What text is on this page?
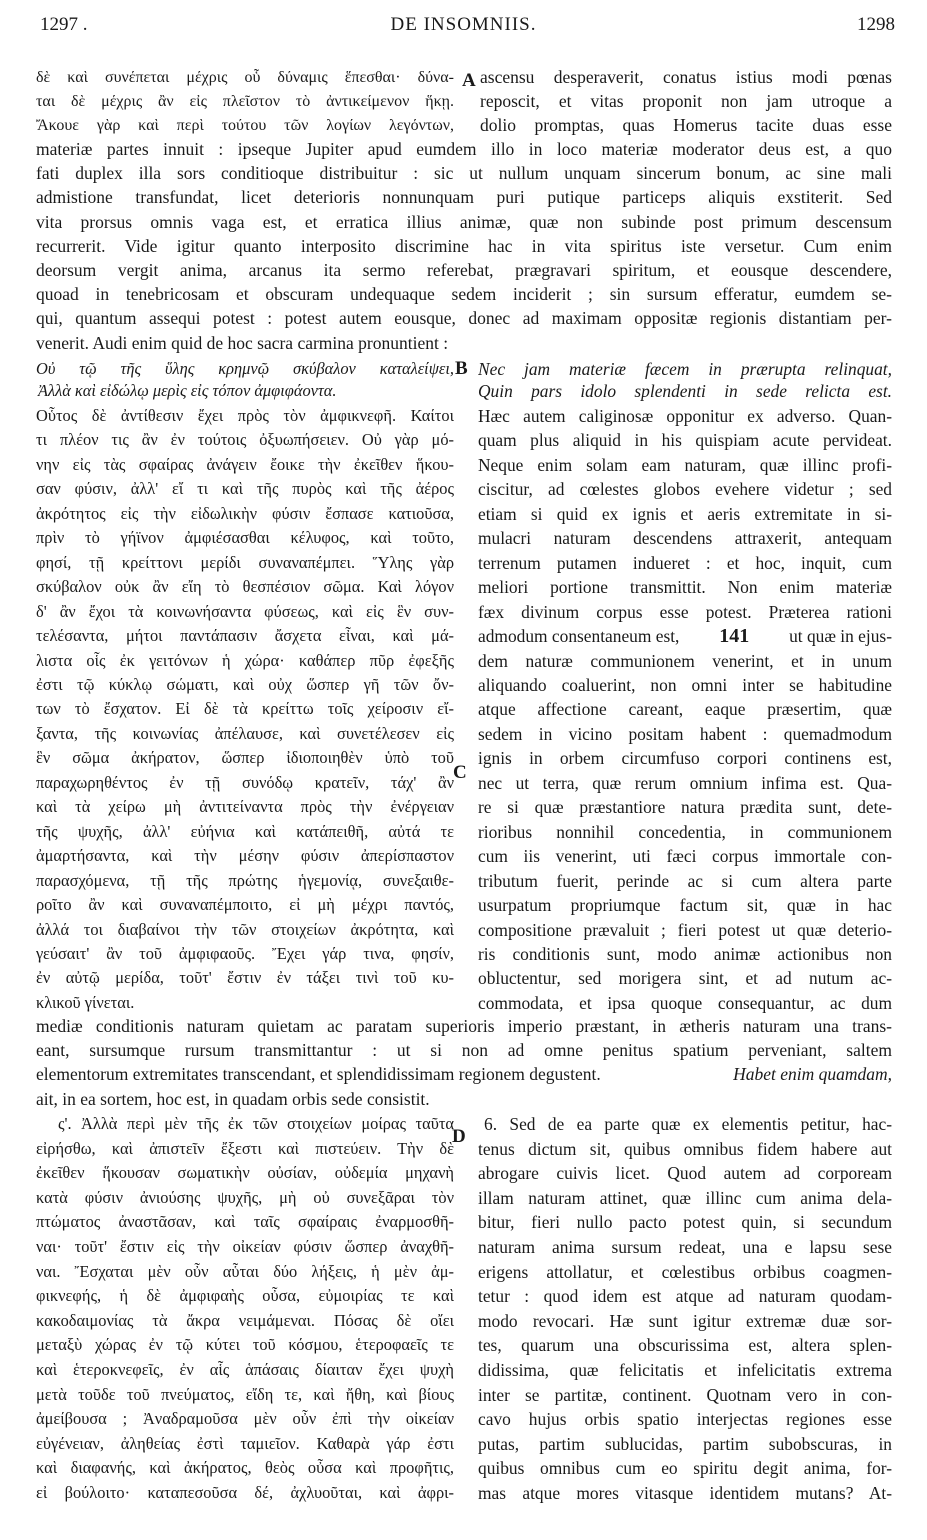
1297 .	DE INSOMNIIS.	1298
A
B
C
D
δὲ καὶ συνέπεται μέχρις οὗ δύναμις ἕπεσθαι· δύνα-
ται δὲ μέχρις ἂν εἰς πλεῖστον τὸ ἀντικείμενον ἥκῃ.
Ἄκουε γὰρ καὶ περὶ τούτου τῶν λογίων λεγόντων,
ascensu desperaverit, conatus istius modi pœnas
reposcit, et vitas proponit non jam utroque a
dolio promptas, quas Homerus tacite duas esse
materiæ partes innuit : ipseque Jupiter apud eumdem illo in loco materiæ moderator deus est, a quo
fati duplex illa sors conditioque distribuitur : sic ut nullum unquam sincerum bonum, ac sine mali
admistione transfundat, licet deterioris nonnunquam puri putique particeps aliquis exstiterit. Sed
vita prorsus omnis vaga est, et erratica illius animæ, quæ non subinde post primum descensum
recurrerit. Vide igitur quanto interposito discrimine hac in vita spiritus iste versetur. Cum enim
deorsum vergit anima, arcanus ita sermo referebat, prægravari spiritum, et eousque descendere,
quoad in tenebricosam et obscuram undequaque sedem inciderit ; sin sursum efferatur, eumdem se-
qui, quantum assequi potest : potest autem eousque, donec ad maximam oppositæ regionis distantiam per-
venerit. Audi enim quid de hoc sacra carmina pronuntient :
Οὐ τῷ τῆς ὕλης κρημνῷ σκύβαλον καταλείψει,
Ἀλλὰ καὶ εἰδώλῳ μερὶς εἰς τόπον ἀμφιφάοντα.
Nec jam materiæ fæcem in prærupta relinquat,
Quin pars idolo splendenti in sede relicta est.
Οὗτος δὲ ἀντίθεσιν ἔχει πρὸς τὸν ἀμφικνεφῆ. Καίτοι
τι πλέον τις ἂν ἐν τούτοις ὀξυωπήσειεν. Οὐ γὰρ μό-
νην εἰς τὰς σφαίρας ἀνάγειν ἔοικε τὴν ἐκεῖθεν ἥκου-
σαν φύσιν, ἀλλ' εἴ τι καὶ τῆς πυρὸς καὶ τῆς ἀέρος
ἀκρότητος εἰς τὴν εἰδωλικὴν φύσιν ἔσπασε κατιοῦσα,
πρὶν τὸ γήϊνον ἀμφιέσασθαι κέλυφος, καὶ τοῦτο,
φησί, τῇ κρείττονι μερίδι συναναπέμπει. Ὕλης γὰρ
σκύβαλον οὐκ ἂν εἴη τὸ θεσπέσιον σῶμα. Καὶ λόγον
δ' ἂν ἔχοι τὰ κοινωνήσαντα φύσεως, καὶ εἰς ἓν συν-
τελέσαντα, μήτοι παντάπασιν ἄσχετα εἶναι, καὶ μά-
λιστα οἷς ἐκ γειτόνων ἡ χώρα· καθάπερ πῦρ ἐφεξῆς
ἐστι τῷ κύκλῳ σώματι, καὶ οὐχ ὥσπερ γῆ τῶν ὄν-
των τὸ ἔσχατον. Εἰ δὲ τὰ κρείττω τοῖς χείροσιν εἴ-
ξαντα, τῆς κοινωνίας ἀπέλαυσε, καὶ συνετέλεσεν εἰς
ἓν σῶμα ἀκήρατον, ὥσπερ ἰδιοποιηθὲν ὑπὸ τοῦ
παραχωρηθέντος ἐν τῇ συνόδῳ κρατεῖν, τάχ' ἂν
καὶ τὰ χείρω μὴ ἀντιτείναντα πρὸς τὴν ἐνέργειαν
τῆς ψυχῆς, ἀλλ' εὐήνια καὶ κατάπειθῆ, αὐτά τε
ἀμαρτήσαντα, καὶ τὴν μέσην φύσιν ἀπερίσπαστον
παρασχόμενα, τῇ τῆς πρώτης ἡγεμονίᾳ, συνεξαιθε-
ροῖτο ἂν καὶ συναναπέμποιτο, εἰ μὴ μέχρι παντός,
ἀλλά τοι διαβαίνοι τὴν τῶν στοιχείων ἀκρότητα, καὶ
γεύσαιτ' ἂν τοῦ ἀμφιφαοῦς. Ἔχει γάρ τινα, φησίν,
ἐν αὐτῷ μερίδα, τοῦτ' ἔστιν ἐν τάξει τινὶ τοῦ κυ-
κλικοῦ γίνεται.
Hæc autem caliginosæ opponitur ex adverso. Quan-
quam plus aliquid in his quispiam acute pervideat.
Neque enim solam eam naturam, quæ illinc profi-
ciscitur, ad cœlestes globos evehere videtur ; sed
etiam si quid ex ignis et aeris extremitate in si-
mulacri naturam descendens attraxerit, antequam
terrenum putamen indueret : et hoc, inquit, cum
meliori portione transmittit. Non enim materiæ
fæx divinum corpus esse potest. Præterea rationi
admodum consentaneum est, 141 ut quæ in ejus-
dem naturæ communionem venerint, et in unum
aliquando coaluerint, non omni inter se habitudine
atque affectione careant, eaque præsertim, quæ
sedem in vicino positam habent : quemadmodum
ignis in orbem circumfuso corpori continens est,
nec ut terra, quæ rerum omnium infima est. Qua-
re si quæ præstantiore natura prædita sunt, dete-
rioribus nonnihil concedentia, in communionem
cum iis venerint, uti fæci corpus immortale con-
tributum fuerit, perinde ac si cum altera parte
usurpatum propriumque factum sit, quæ in hac
compositione prævaluit ; fieri potest ut quæ deterio-
ris conditionis sunt, modo animæ actionibus non
obluctentur, sed morigera sint, et ad nutum ac-
commodata, et ipsa quoque consequantur, ac dum
mediæ conditionis naturam quietam ac paratam superioris imperio præstant, in ætheris naturam una trans-
eant, sursumque rursum transmittantur : ut si non ad omne penitus spatium perveniant, saltem
elementorum extremitates transcendant, et splendidissimam regionem degustent.	Habet enim quamdam,
ait, in ea sortem, hoc est, in quadam orbis sede consistit.
ς'. Ἀλλὰ περὶ μὲν τῆς ἐκ τῶν στοιχείων μοίρας ταῦτα
εἰρήσθω, καὶ ἀπιστεῖν ἔξεστι καὶ πιστεύειν. Τὴν δὲ
ἐκεῖθεν ἥκουσαν σωματικὴν οὐσίαν, οὐδεμία μηχανὴ
κατὰ φύσιν ἀνιούσης ψυχῆς, μὴ οὐ συνεξᾶραι τὸν
πτώματος ἀναστᾶσαν, καὶ ταῖς σφαίραις ἐναρμοσθῆ-
ναι· τοῦτ' ἔστιν εἰς τὴν οἰκείαν φύσιν ὥσπερ ἀναχθῆ-
ναι. Ἔσχαται μὲν οὖν αὗται δύο λήξεις, ἡ μὲν ἀμ-
φικνεφής, ἡ δὲ ἀμφιφαὴς οὖσα, εὐμοιρίας τε καὶ
κακοδαιμονίας τὰ ἄκρα νειμάμεναι. Πόσας δὲ οἴει
μεταξὺ χώρας ἐν τῷ κύτει τοῦ κόσμου, ἑτεροφαεῖς τε
καὶ ἑτεροκνεφεῖς, ἐν αἷς ἁπάσαις δίαιταν ἔχει ψυχὴ
μετὰ τοῦδε τοῦ πνεύματος, εἴδη τε, καὶ ἤθη, καὶ βίους
ἀμείβουσα ; Ἀναδραμοῦσα μὲν οὖν ἐπὶ τὴν οἰκείαν
εὐγένειαν, ἀληθείας ἐστὶ ταμιεῖον. Καθαρὰ γάρ ἐστι
καὶ διαφανής, καὶ ἀκήρατος, θεὸς οὖσα καὶ προφῆτις,
εἰ βούλοιτο· καταπεσοῦσα δέ, ἀχλυοῦται, καὶ ἀφρι-
6. Sed de ea parte quæ ex elementis petitur, hac-
tenus dictum sit, quibus omnibus fidem habere aut
abrogare cuivis licet. Quod autem ad corpoream
illam naturam attinet, quæ illinc cum anima dela-
bitur, fieri nullo pacto potest quin, si secundum
naturam anima sursum redeat, una e lapsu sese
erigens attollatur, et cœlestibus orbibus coagmen-
tetur : quod idem est atque ad naturam quodam-
modo revocari. Hæ sunt igitur extremæ duæ sor-
tes, quarum una obscurissima est, altera splen-
didissima, quæ felicitatis et infelicitatis extrema
inter se partitæ, continent. Quotnam vero in con-
cavo hujus orbis spatio interjectas regiones esse
putas, partim sublucidas, partim subobscuras, in
quibus omnibus cum eo spiritu degit anima, for-
mas atque mores vitasque identidem mutans? At-
